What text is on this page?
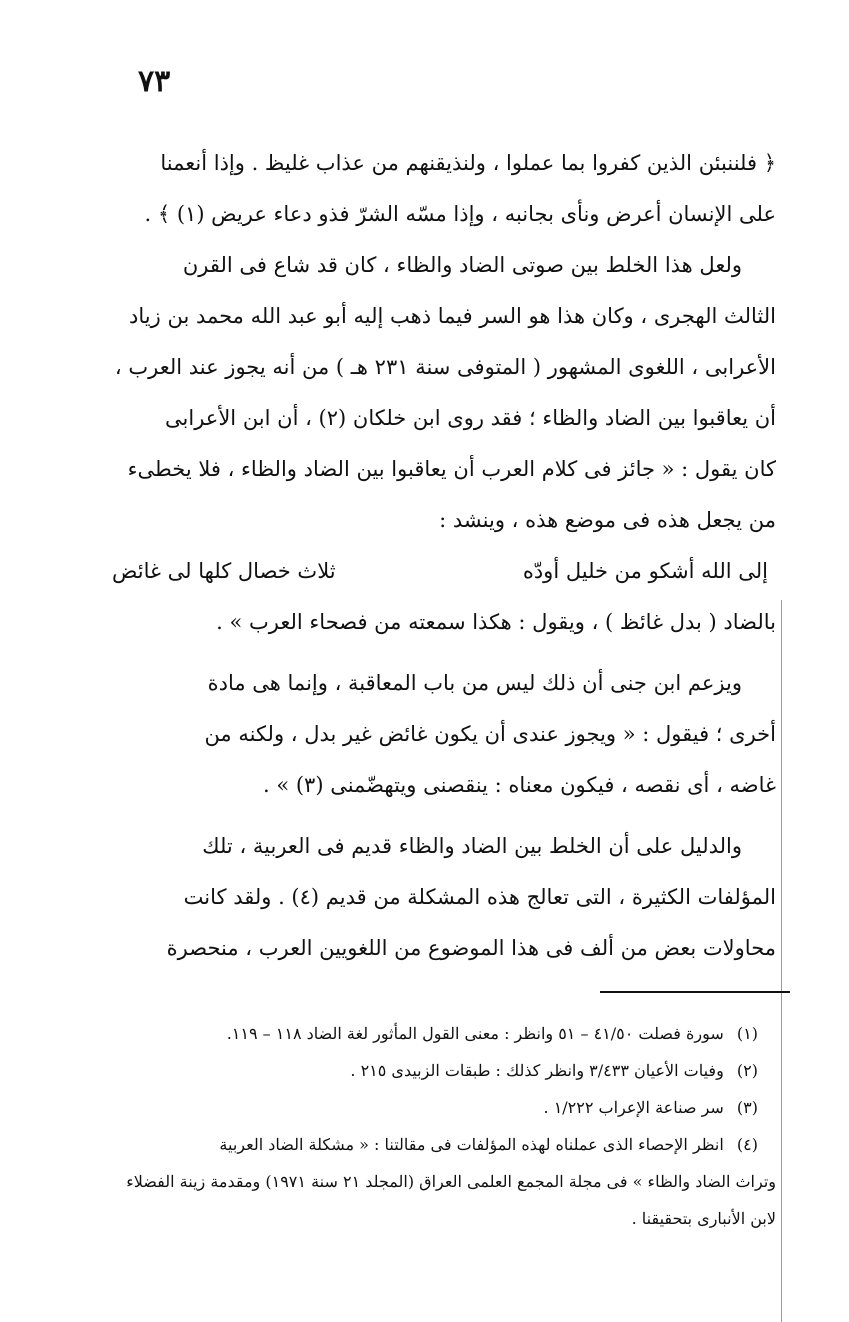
٧٣
﴿ فلننبئن الذين كفروا بما عملوا ، ولنذيقنهم من عذاب غليظ . وإذا أنعمنا
على الإنسان أعرض ونأى بجانبه ، وإذا مسّه الشرّ فذو دعاء عريض (١) ﴾ .
ولعل هذا الخلط بين صوتى الضاد والظاء ، كان قد شاع فى القرن
الثالث الهجرى ، وكان هذا هو السر فيما ذهب إليه أبو عبد الله محمد بن زياد
الأعرابى ، اللغوى المشهور ( المتوفى سنة ٢٣١ هـ ) من أنه يجوز عند العرب ،
أن يعاقبوا بين الضاد والظاء ؛ فقد روى ابن خلكان (٢) ، أن ابن الأعرابى
كان يقول : « جائز فى كلام العرب أن يعاقبوا بين الضاد والظاء ، فلا يخطىء
من يجعل هذه فى موضع هذه ، وينشد :
إلى الله أشكو من خليل أودّه
ثلاث خصال كلها لى غائض
بالضاد ( بدل غائظ ) ، ويقول : هكذا سمعته من فصحاء العرب » .
ويزعم ابن جنى أن ذلك ليس من باب المعاقبة ، وإنما هى مادة
أخرى ؛ فيقول : « ويجوز عندى أن يكون غائض غير بدل ، ولكنه من
غاضه ، أى نقصه ، فيكون معناه : ينقصنى ويتهضّمنى (٣) » .
والدليل على أن الخلط بين الضاد والظاء قديم فى العربية ، تلك
المؤلفات الكثيرة ، التى تعالج هذه المشكلة من قديم (٤) . ولقد كانت
محاولات بعض من ألف فى هذا الموضوع من اللغويين العرب ، منحصرة
(١) سورة فصلت ٤١/٥٠ – ٥١ وانظر : معنى القول المأثور لغة الضاد ١١٨ – ١١٩.
(٢) وفيات الأعيان ٣/٤٣٣ وانظر كذلك : طبقات الزبيدى ٢١٥ .
(٣) سر صناعة الإعراب ١/٢٢٢ .
(٤) انظر الإحصاء الذى عملناه لهذه المؤلفات فى مقالتنا : « مشكلة الضاد العربية
وتراث الضاد والظاء » فى مجلة المجمع العلمى العراق (المجلد ٢١ سنة ١٩٧١) ومقدمة زينة الفضلاء
لابن الأنبارى بتحقيقنا .
